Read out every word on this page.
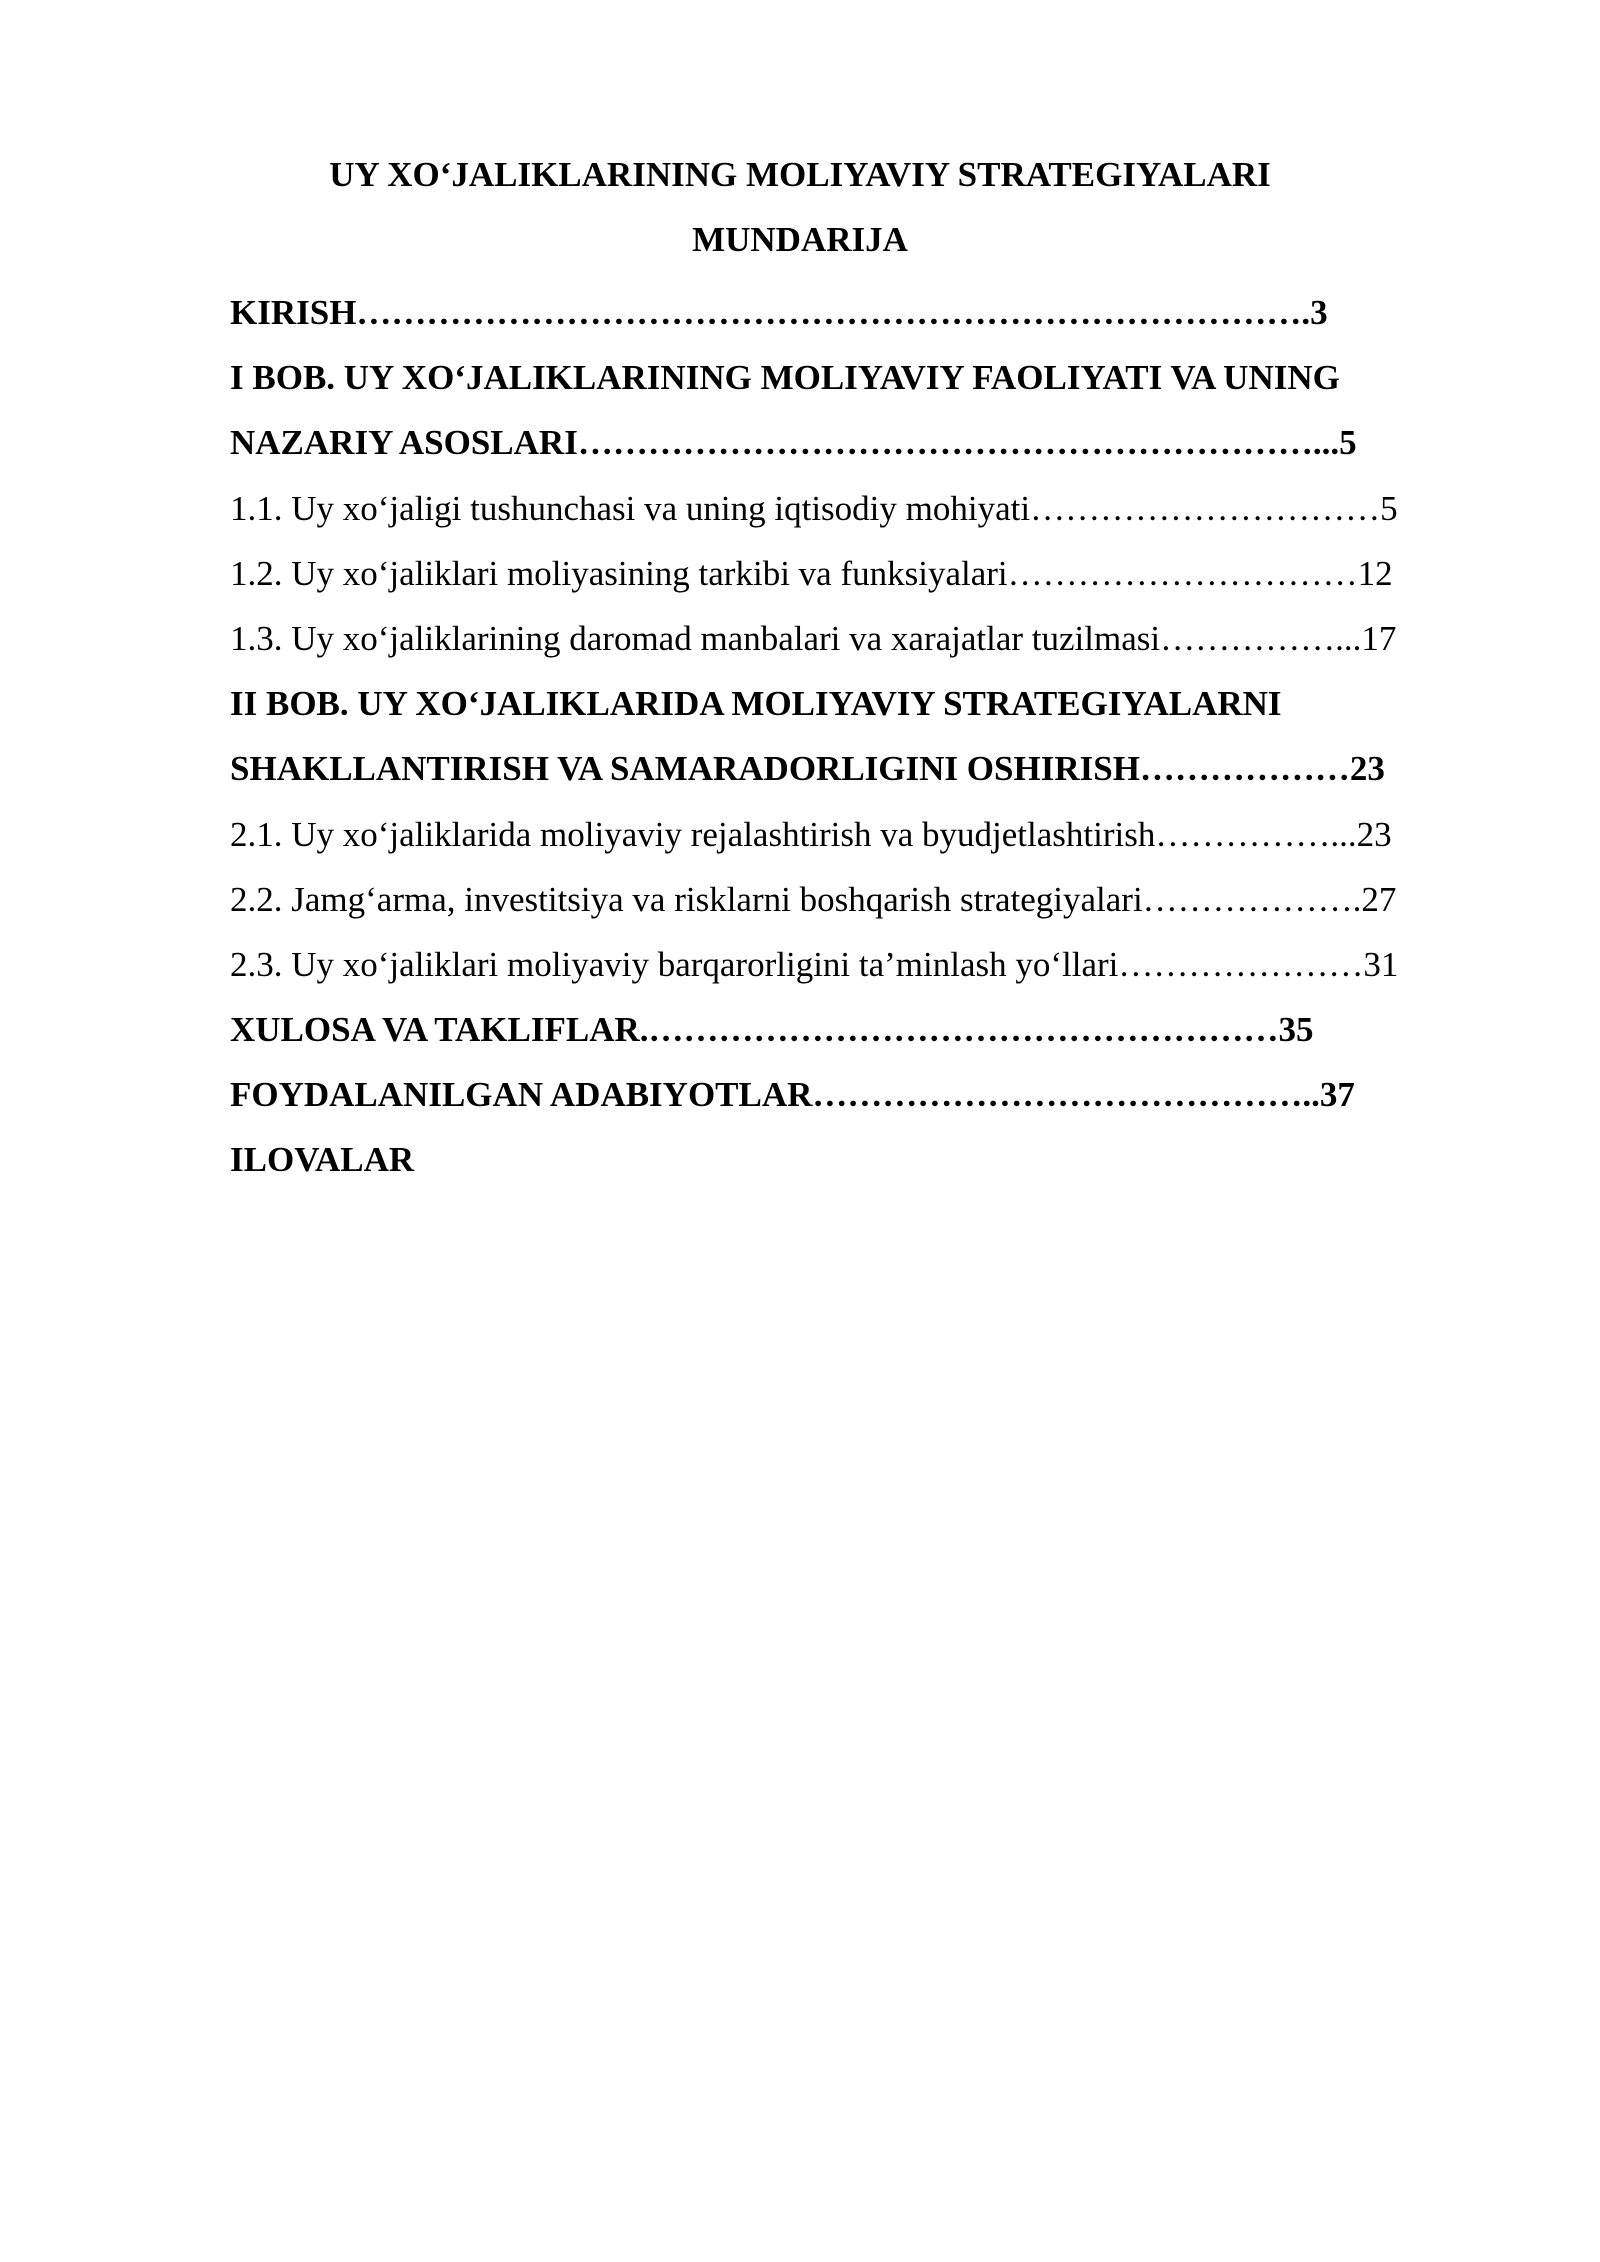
UY XO‘JALIKLARINING MOLIYAVIY STRATEGIYALARI
MUNDARIJA
KIRISH……………………………………………………………………….3
I BOB. UY XO‘JALIKLARINING MOLIYAVIY FAOLIYATI VA UNING
NAZARIY ASOSLARI………………………………………………………...5
1.1. Uy xo‘jaligi tushunchasi va uning iqtisodiy mohiyati…………………………5
1.2. Uy xo‘jaliklari moliyasining tarkibi va funksiyalari…………………………12
1.3. Uy xo‘jaliklarining daromad manbalari va xarajatlar tuzilmasi……………...17
II BOB. UY XO‘JALIKLARIDA MOLIYAVIY STRATEGIYALARNI
SHAKLLANTIRISH VA SAMARADORLIGINI OSHIRISH………………23
2.1. Uy xo‘jaliklarida moliyaviy rejalashtirish va byudjetlashtirish……………...23
2.2. Jamg‘arma, investitsiya va risklarni boshqarish strategiyalari……………….27
2.3. Uy xo‘jaliklari moliyaviy barqarorligini ta’minlash yo‘llari…………………31
XULOSA VA TAKLIFLAR.………………………………………………35
FOYDALANILGAN ADABIYOTLAR……………………………………..37
ILOVALAR
